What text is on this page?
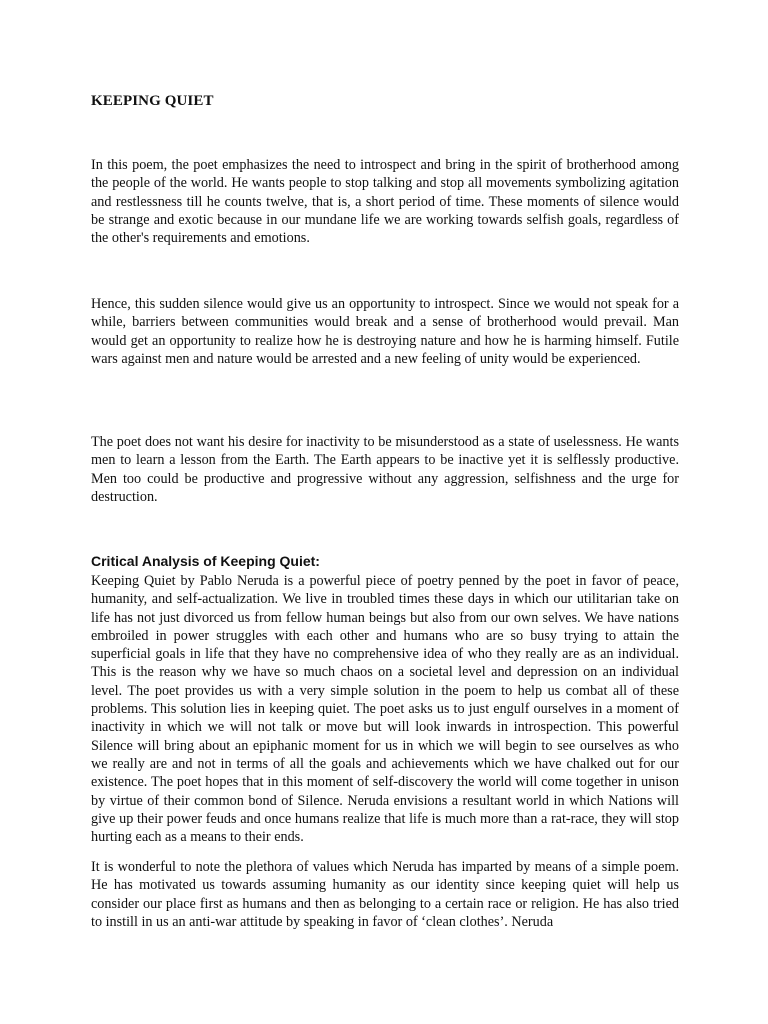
KEEPING QUIET

In this poem, the poet emphasizes the need to introspect and bring in the spirit of brotherhood among the people of the world. He wants people to stop talking and stop all movements symbolizing agitation and restlessness till he counts twelve, that is, a short period of time. These moments of silence would be strange and exotic because in our mundane life we are working towards selfish goals, regardless of the other's requirements and emotions.

Hence, this sudden silence would give us an opportunity to introspect. Since we would not speak for a while, barriers between communities would break and a sense of brotherhood would prevail. Man would get an opportunity to realize how he is destroying nature and how he is harming himself. Futile wars against men and nature would be arrested and a new feeling of unity would be experienced.

The poet does not want his desire for inactivity to be misunderstood as a state of uselessness. He wants men to learn a lesson from the Earth. The Earth appears to be inactive yet it is selflessly productive. Men too could be productive and progressive without any aggression, selfishness and the urge for destruction.

Critical Analysis of Keeping Quiet:

Keeping Quiet by Pablo Neruda is a powerful piece of poetry penned by the poet in favor of peace, humanity, and self-actualization. We live in troubled times these days in which our utilitarian take on life has not just divorced us from fellow human beings but also from our own selves. We have nations embroiled in power struggles with each other and humans who are so busy trying to attain the superficial goals in life that they have no comprehensive idea of who they really are as an individual. This is the reason why we have so much chaos on a societal level and depression on an individual level. The poet provides us with a very simple solution in the poem to help us combat all of these problems. This solution lies in keeping quiet. The poet asks us to just engulf ourselves in a moment of inactivity in which we will not talk or move but will look inwards in introspection. This powerful Silence will bring about an epiphanic moment for us in which we will begin to see ourselves as who we really are and not in terms of all the goals and achievements which we have chalked out for our existence. The poet hopes that in this moment of self-discovery the world will come together in unison by virtue of their common bond of Silence. Neruda envisions a resultant world in which Nations will give up their power feuds and once humans realize that life is much more than a rat-race, they will stop hurting each as a means to their ends.

It is wonderful to note the plethora of values which Neruda has imparted by means of a simple poem. He has motivated us towards assuming humanity as our identity since keeping quiet will help us consider our place first as humans and then as belonging to a certain race or religion. He has also tried to instill in us an anti-war attitude by speaking in favor of ‘clean clothes’. Neruda
